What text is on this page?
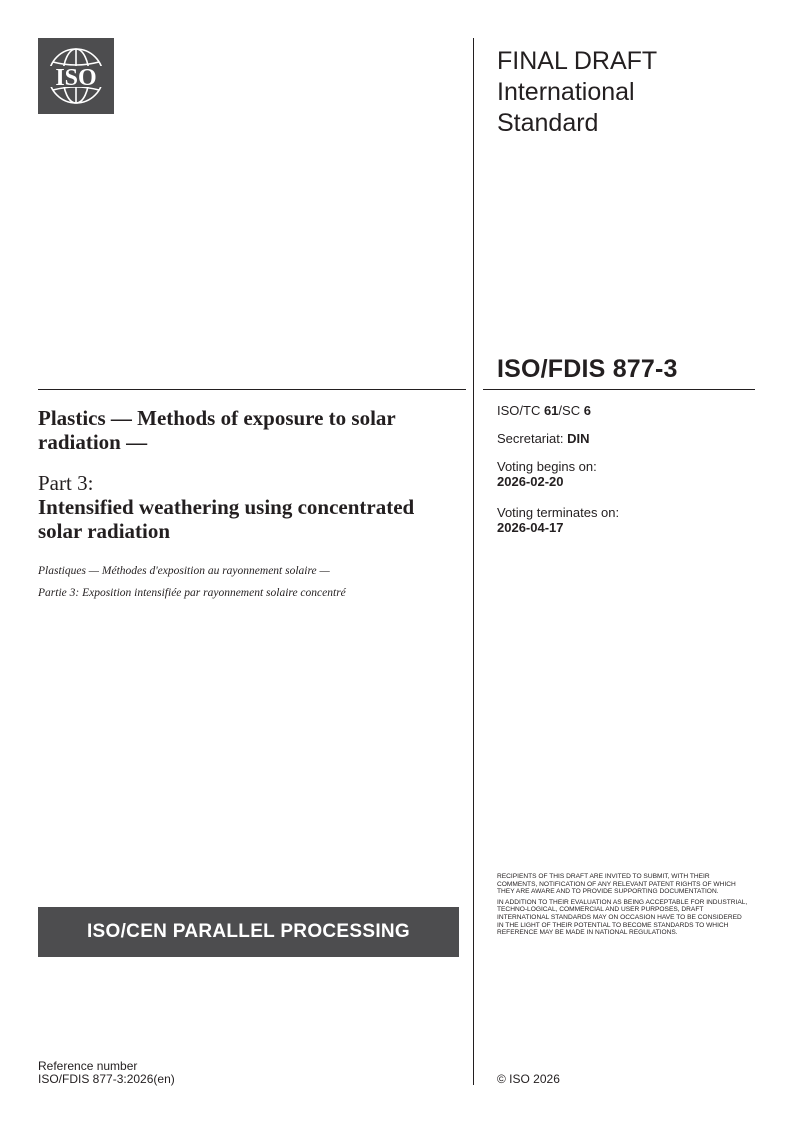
ISO
FINAL DRAFT
International
Standard
ISO/FDIS 877-3
ISO/TC 61/SC 6
Secretariat: DIN
Voting begins on:
2026-02-20
Voting terminates on:
2026-04-17
Plastics — Methods of exposure to solar radiation —
Part 3:
Intensified weathering using concentrated solar radiation
Plastiques — Méthodes d'exposition au rayonnement solaire —
Partie 3: Exposition intensifiée par rayonnement solaire concentré
ISO/CEN PARALLEL PROCESSING

RECIPIENTS OF THIS DRAFT ARE INVITED TO SUBMIT, WITH THEIR COMMENTS, NOTIFICATION OF ANY RELEVANT PATENT RIGHTS OF WHICH THEY ARE AWARE AND TO PROVIDE SUPPORTING DOCUMENTATION.

IN ADDITION TO THEIR EVALUATION AS BEING ACCEPTABLE FOR INDUSTRIAL, TECHNO-LOGICAL, COMMERCIAL AND USER PURPOSES, DRAFT INTERNATIONAL STANDARDS MAY ON OCCASION HAVE TO BE CONSIDERED IN THE LIGHT OF THEIR POTENTIAL TO BECOME STANDARDS TO WHICH REFERENCE MAY BE MADE IN NATIONAL REGULATIONS.

Reference number
ISO/FDIS 877-3:2026(en)	© ISO 2026
